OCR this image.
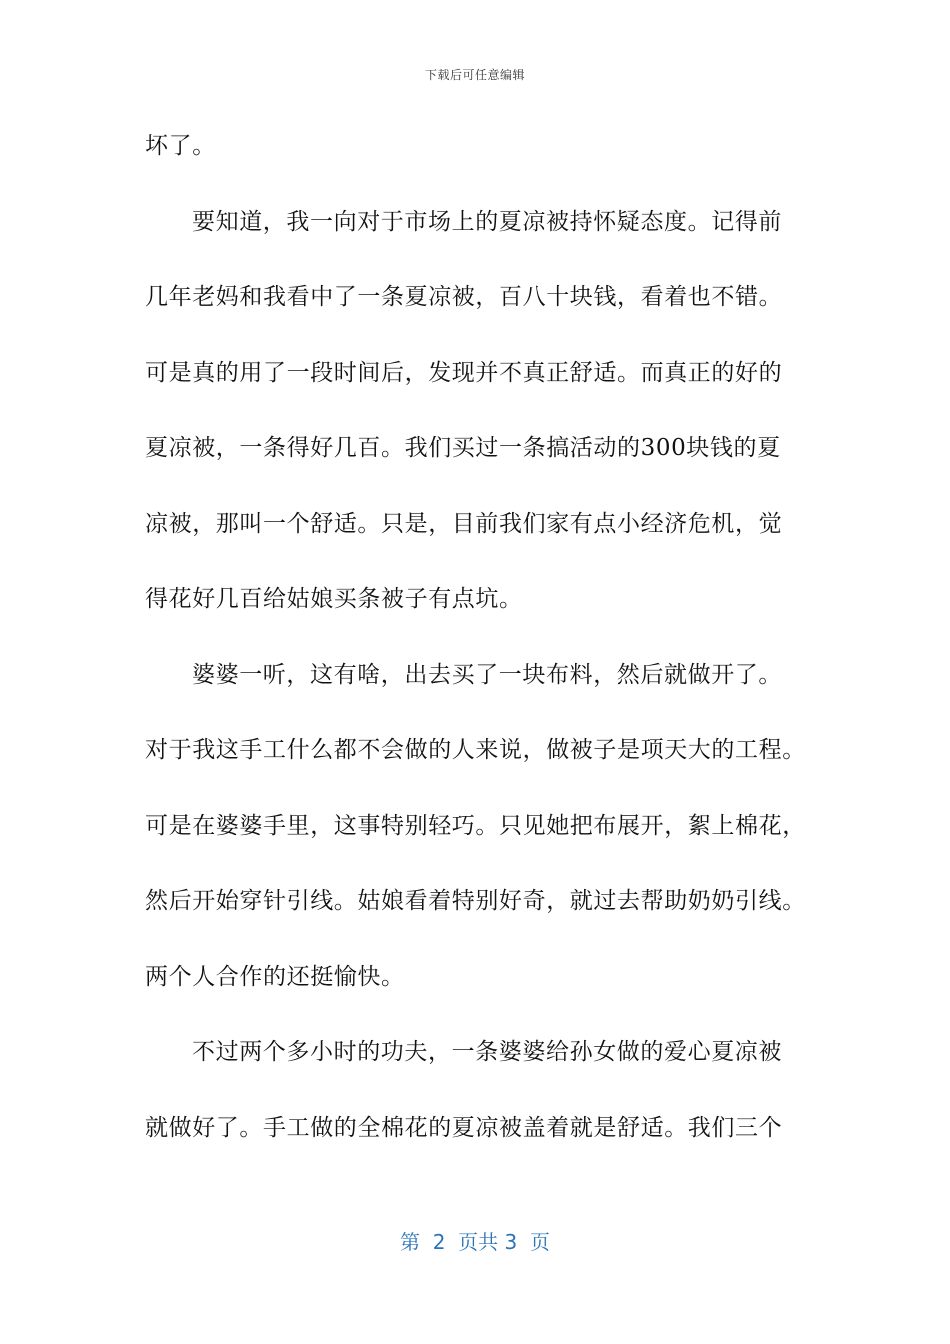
下载后可任意编辑
坏了。
要知道，我一向对于市场上的夏凉被持怀疑态度。记得前
几年老妈和我看中了一条夏凉被，百八十块钱，看着也不错。
可是真的用了一段时间后，发现并不真正舒适。而真正的好的
夏凉被，一条得好几百。我们买过一条搞活动的300块钱的夏
凉被，那叫一个舒适。只是，目前我们家有点小经济危机，觉
得花好几百给姑娘买条被子有点坑。
婆婆一听，这有啥，出去买了一块布料，然后就做开了。
对于我这手工什么都不会做的人来说，做被子是项天大的工程。
可是在婆婆手里，这事特别轻巧。只见她把布展开，絮上棉花，
然后开始穿针引线。姑娘看着特别好奇，就过去帮助奶奶引线。
两个人合作的还挺愉快。
不过两个多小时的功夫，一条婆婆给孙女做的爱心夏凉被
就做好了。手工做的全棉花的夏凉被盖着就是舒适。我们三个
第  2  页共 3  页
